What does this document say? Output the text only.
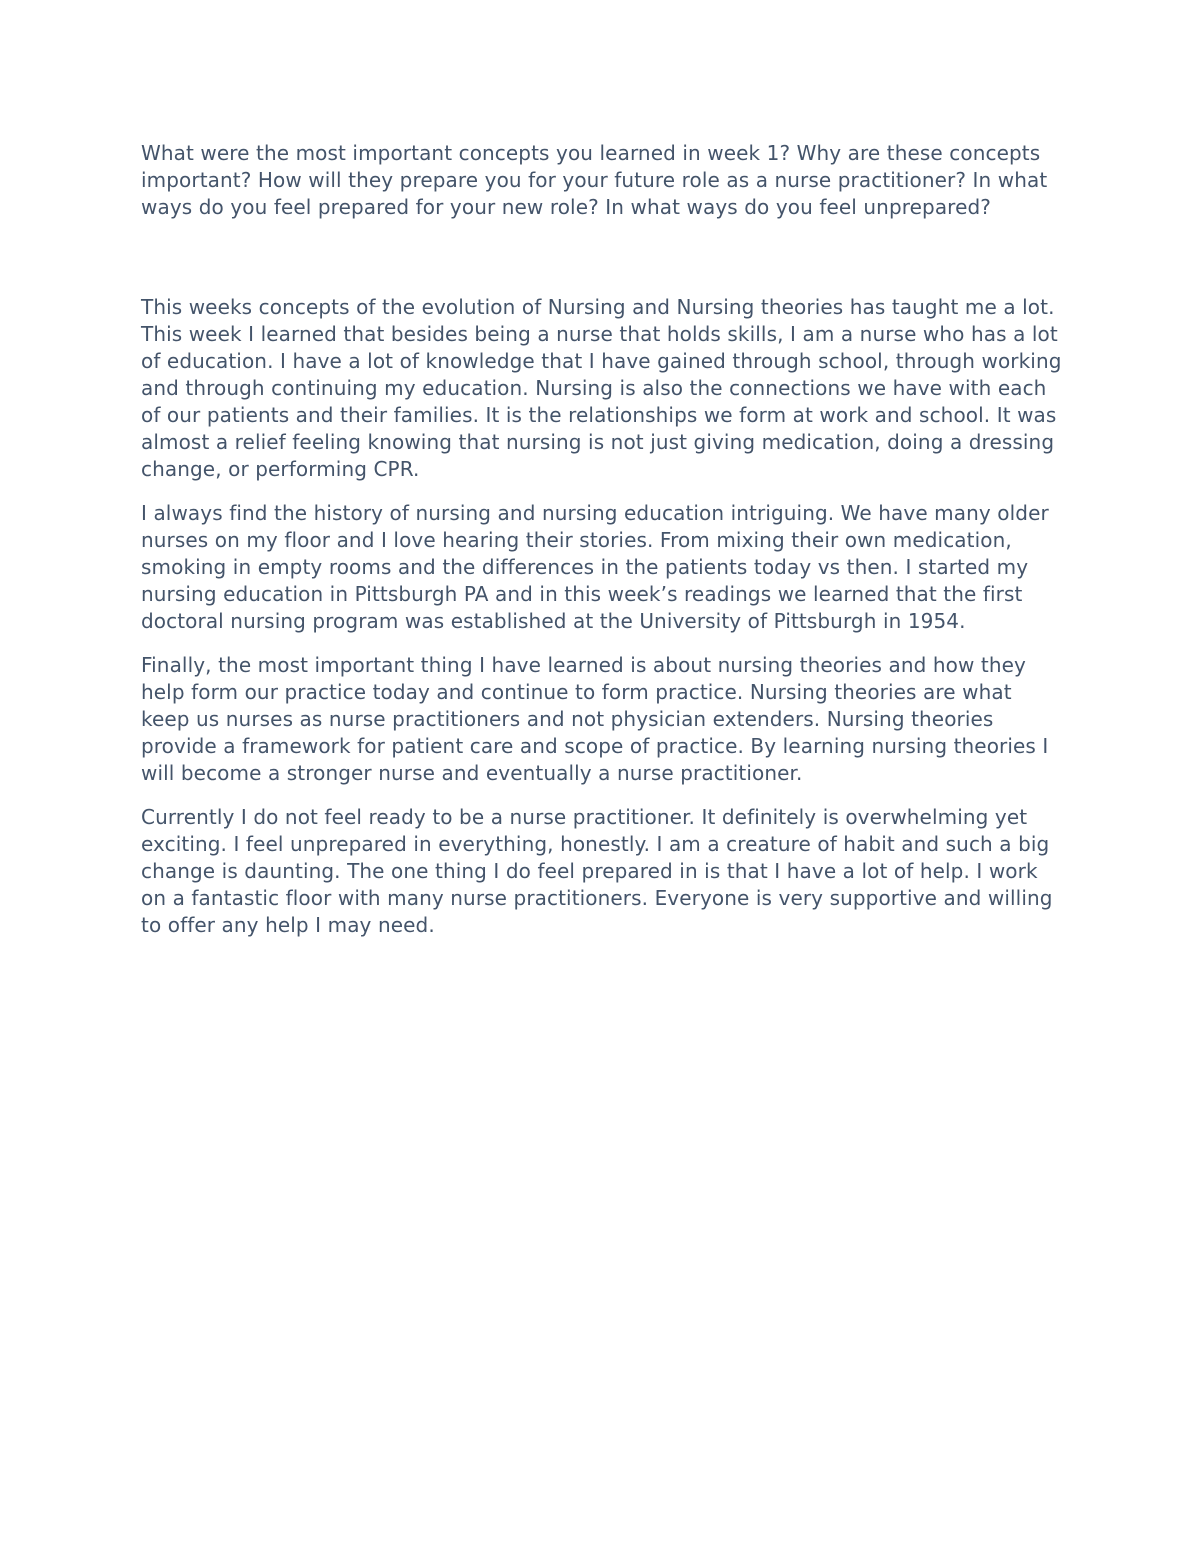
What were the most important concepts you learned in week 1? Why are these concepts important? How will they prepare you for your future role as a nurse practitioner? In what ways do you feel prepared for your new role? In what ways do you feel unprepared?

This weeks concepts of the evolution of Nursing and Nursing theories has taught me a lot. This week I learned that besides being a nurse that holds skills, I am a nurse who has a lot of education. I have a lot of knowledge that I have gained through school, through working and through continuing my education. Nursing is also the connections we have with each of our patients and their families. It is the relationships we form at work and school. It was almost a relief feeling knowing that nursing is not just giving medication, doing a dressing change, or performing CPR.

I always find the history of nursing and nursing education intriguing. We have many older nurses on my floor and I love hearing their stories. From mixing their own medication, smoking in empty rooms and the differences in the patients today vs then. I started my nursing education in Pittsburgh PA and in this week’s readings we learned that the first doctoral nursing program was established at the University of Pittsburgh in 1954.

Finally, the most important thing I have learned is about nursing theories and how they help form our practice today and continue to form practice. Nursing theories are what keep us nurses as nurse practitioners and not physician extenders. Nursing theories provide a framework for patient care and scope of practice. By learning nursing theories I will become a stronger nurse and eventually a nurse practitioner.

Currently I do not feel ready to be a nurse practitioner. It definitely is overwhelming yet exciting. I feel unprepared in everything, honestly. I am a creature of habit and such a big change is daunting. The one thing I do feel prepared in is that I have a lot of help. I work on a fantastic floor with many nurse practitioners. Everyone is very supportive and willing to offer any help I may need.
